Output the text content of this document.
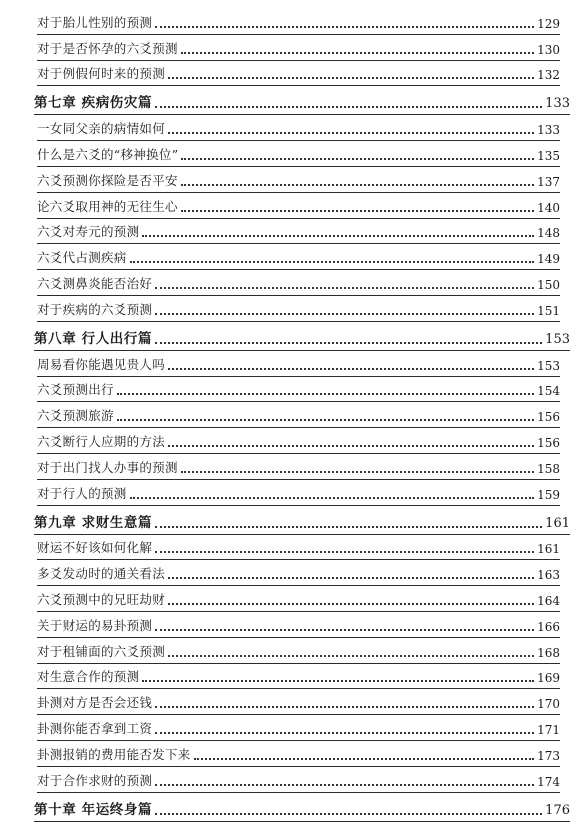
对于胎儿性别的预测	129
对于是否怀孕的六爻预测	130
对于例假何时来的预测	132
第七章 疾病伤灾篇	133
一女同父亲的病情如何	133
什么是六爻的“移神换位”	135
六爻预测你探险是否平安	137
论六爻取用神的无往生心	140
六爻对寿元的预测	148
六爻代占测疾病	149
六爻测鼻炎能否治好	150
对于疾病的六爻预测	151
第八章 行人出行篇	153
周易看你能遇见贵人吗	153
六爻预测出行	154
六爻预测旅游	156
六爻断行人应期的方法	156
对于出门找人办事的预测	158
对于行人的预测	159
第九章 求财生意篇	161
财运不好该如何化解	161
多爻发动时的通关看法	163
六爻预测中的兄旺劫财	164
关于财运的易卦预测	166
对于租铺面的六爻预测	168
对生意合作的预测	169
卦测对方是否会还钱	170
卦测你能否拿到工资	171
卦测报销的费用能否发下来	173
对于合作求财的预测	174
第十章 年运终身篇	176
